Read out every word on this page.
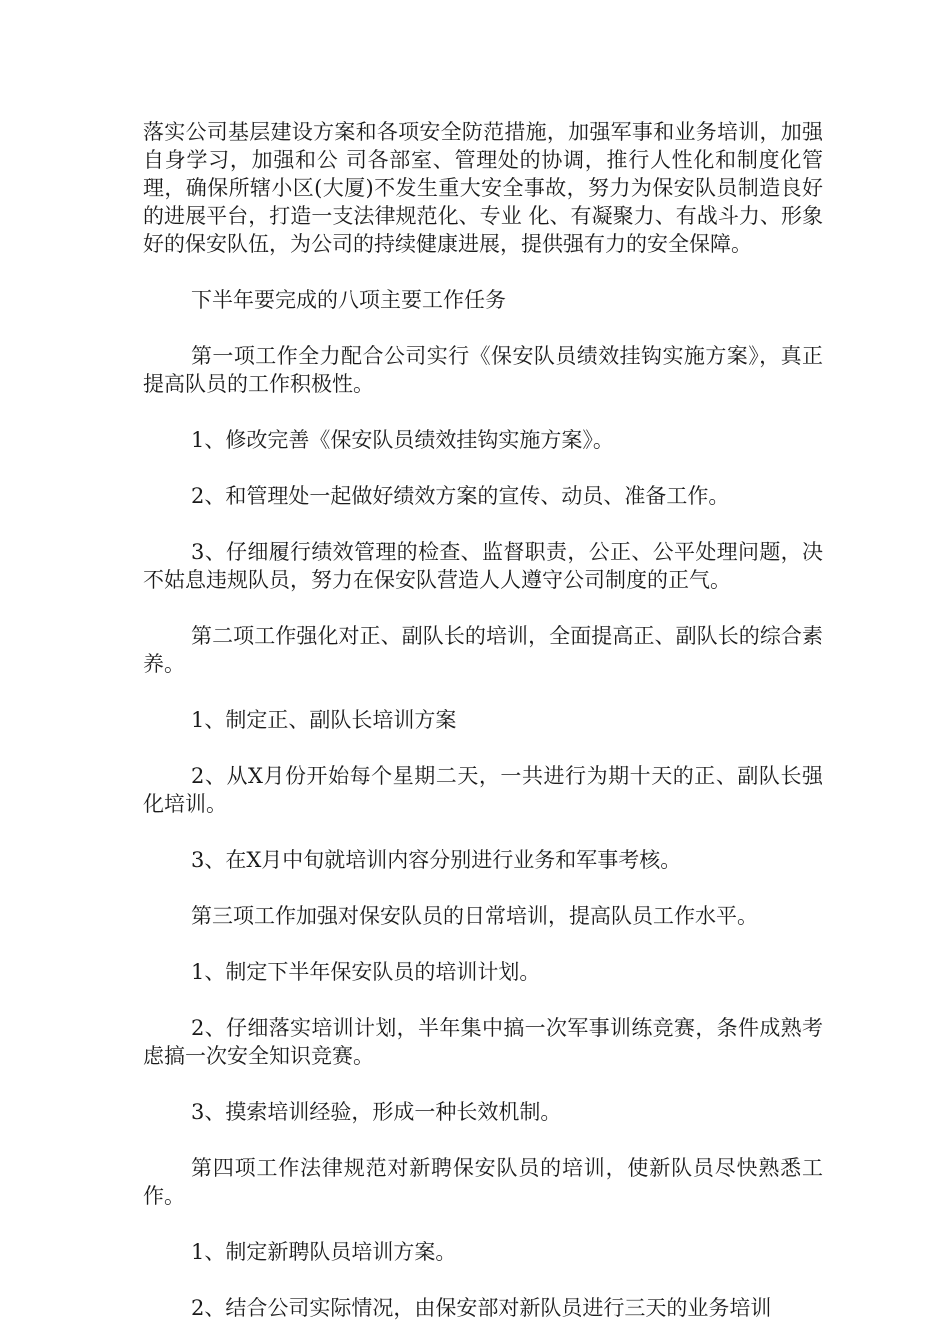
落实公司基层建设方案和各项安全防范措施，加强军事和业务培训，加强自身学习，加强和公 司各部室、管理处的协调，推行人性化和制度化管理，确保所辖小区(大厦)不发生重大安全事故，努力为保安队员制造良好的进展平台，打造一支法律规范化、专业 化、有凝聚力、有战斗力、形象好的保安队伍，为公司的持续健康进展，提供强有力的安全保障。

下半年要完成的八项主要工作任务

第一项工作全力配合公司实行《保安队员绩效挂钩实施方案》，真正提高队员的工作积极性。

1、修改完善《保安队员绩效挂钩实施方案》。

2、和管理处一起做好绩效方案的宣传、动员、准备工作。

3、仔细履行绩效管理的检查、监督职责，公正、公平处理问题，决不姑息违规队员，努力在保安队营造人人遵守公司制度的正气。

第二项工作强化对正、副队长的培训，全面提高正、副队长的综合素养。

1、制定正、副队长培训方案

2、从X月份开始每个星期二天，一共进行为期十天的正、副队长强化培训。

3、在X月中旬就培训内容分别进行业务和军事考核。

第三项工作加强对保安队员的日常培训，提高队员工作水平。

1、制定下半年保安队员的培训计划。

2、仔细落实培训计划，半年集中搞一次军事训练竞赛，条件成熟考虑搞一次安全知识竞赛。

3、摸索培训经验，形成一种长效机制。

第四项工作法律规范对新聘保安队员的培训，使新队员尽快熟悉工作。

1、制定新聘队员培训方案。

2、结合公司实际情况，由保安部对新队员进行三天的业务培训
